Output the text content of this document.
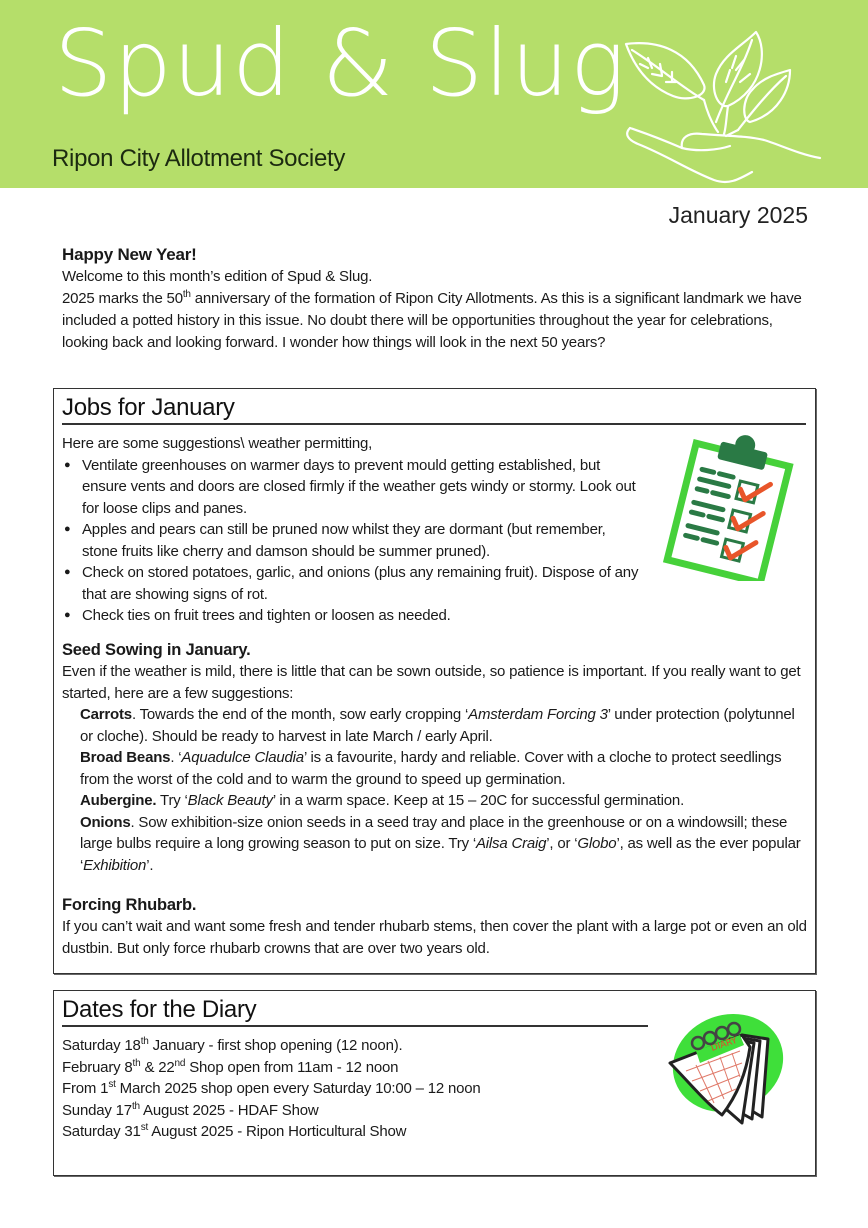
Spud & Slug
Ripon City Allotment Society
January 2025
Happy New Year!

Welcome to this month’s edition of Spud & Slug.

2025 marks the 50th anniversary of the formation of Ripon City Allotments. As this is a significant landmark we have included a potted history in this issue. No doubt there will be opportunities throughout the year for celebrations, looking back and looking forward. I wonder how things will look in the next 50 years?

Jobs for January
Here are some suggestions\ weather permitting,
● Ventilate greenhouses on warmer days to prevent mould getting established, but ensure vents and doors are closed firmly if the weather gets windy or stormy. Look out for loose clips and panes.
● Apples and pears can still be pruned now whilst they are dormant (but remember, stone fruits like cherry and damson should be summer pruned).
● Check on stored potatoes, garlic, and onions (plus any remaining fruit). Dispose of any that are showing signs of rot.
● Check ties on fruit trees and tighten or loosen as needed.
Seed Sowing in January.
Even if the weather is mild, there is little that can be sown outside, so patience is important. If you really want to get started, here are a few suggestions:
Carrots. Towards the end of the month, sow early cropping ‘Amsterdam Forcing 3’ under protection (polytunnel or cloche). Should be ready to harvest in late March / early April.
Broad Beans. ‘Aquadulce Claudia’ is a favourite, hardy and reliable. Cover with a cloche to protect seedlings from the worst of the cold and to warm the ground to speed up germination.
Aubergine. Try ‘Black Beauty’ in a warm space. Keep at 15 – 20C for successful germination.
Onions. Sow exhibition-size onion seeds in a seed tray and place in the greenhouse or on a windowsill; these large bulbs require a long growing season to put on size. Try ‘Ailsa Craig’, or ‘Globo’, as well as the ever popular ‘Exhibition’.
Forcing Rhubarb.
If you can’t wait and want some fresh and tender rhubarb stems, then cover the plant with a large pot or even an old dustbin. But only force rhubarb crowns that are over two years old.
Dates for the Diary
DIARY
Saturday 18th January - first shop opening (12 noon).
February 8th & 22nd Shop open from 11am - 12 noon
From 1st March 2025 shop open every Saturday 10:00 – 12 noon
Sunday 17th August 2025 - HDAF Show
Saturday 31st August 2025 - Ripon Horticultural Show
